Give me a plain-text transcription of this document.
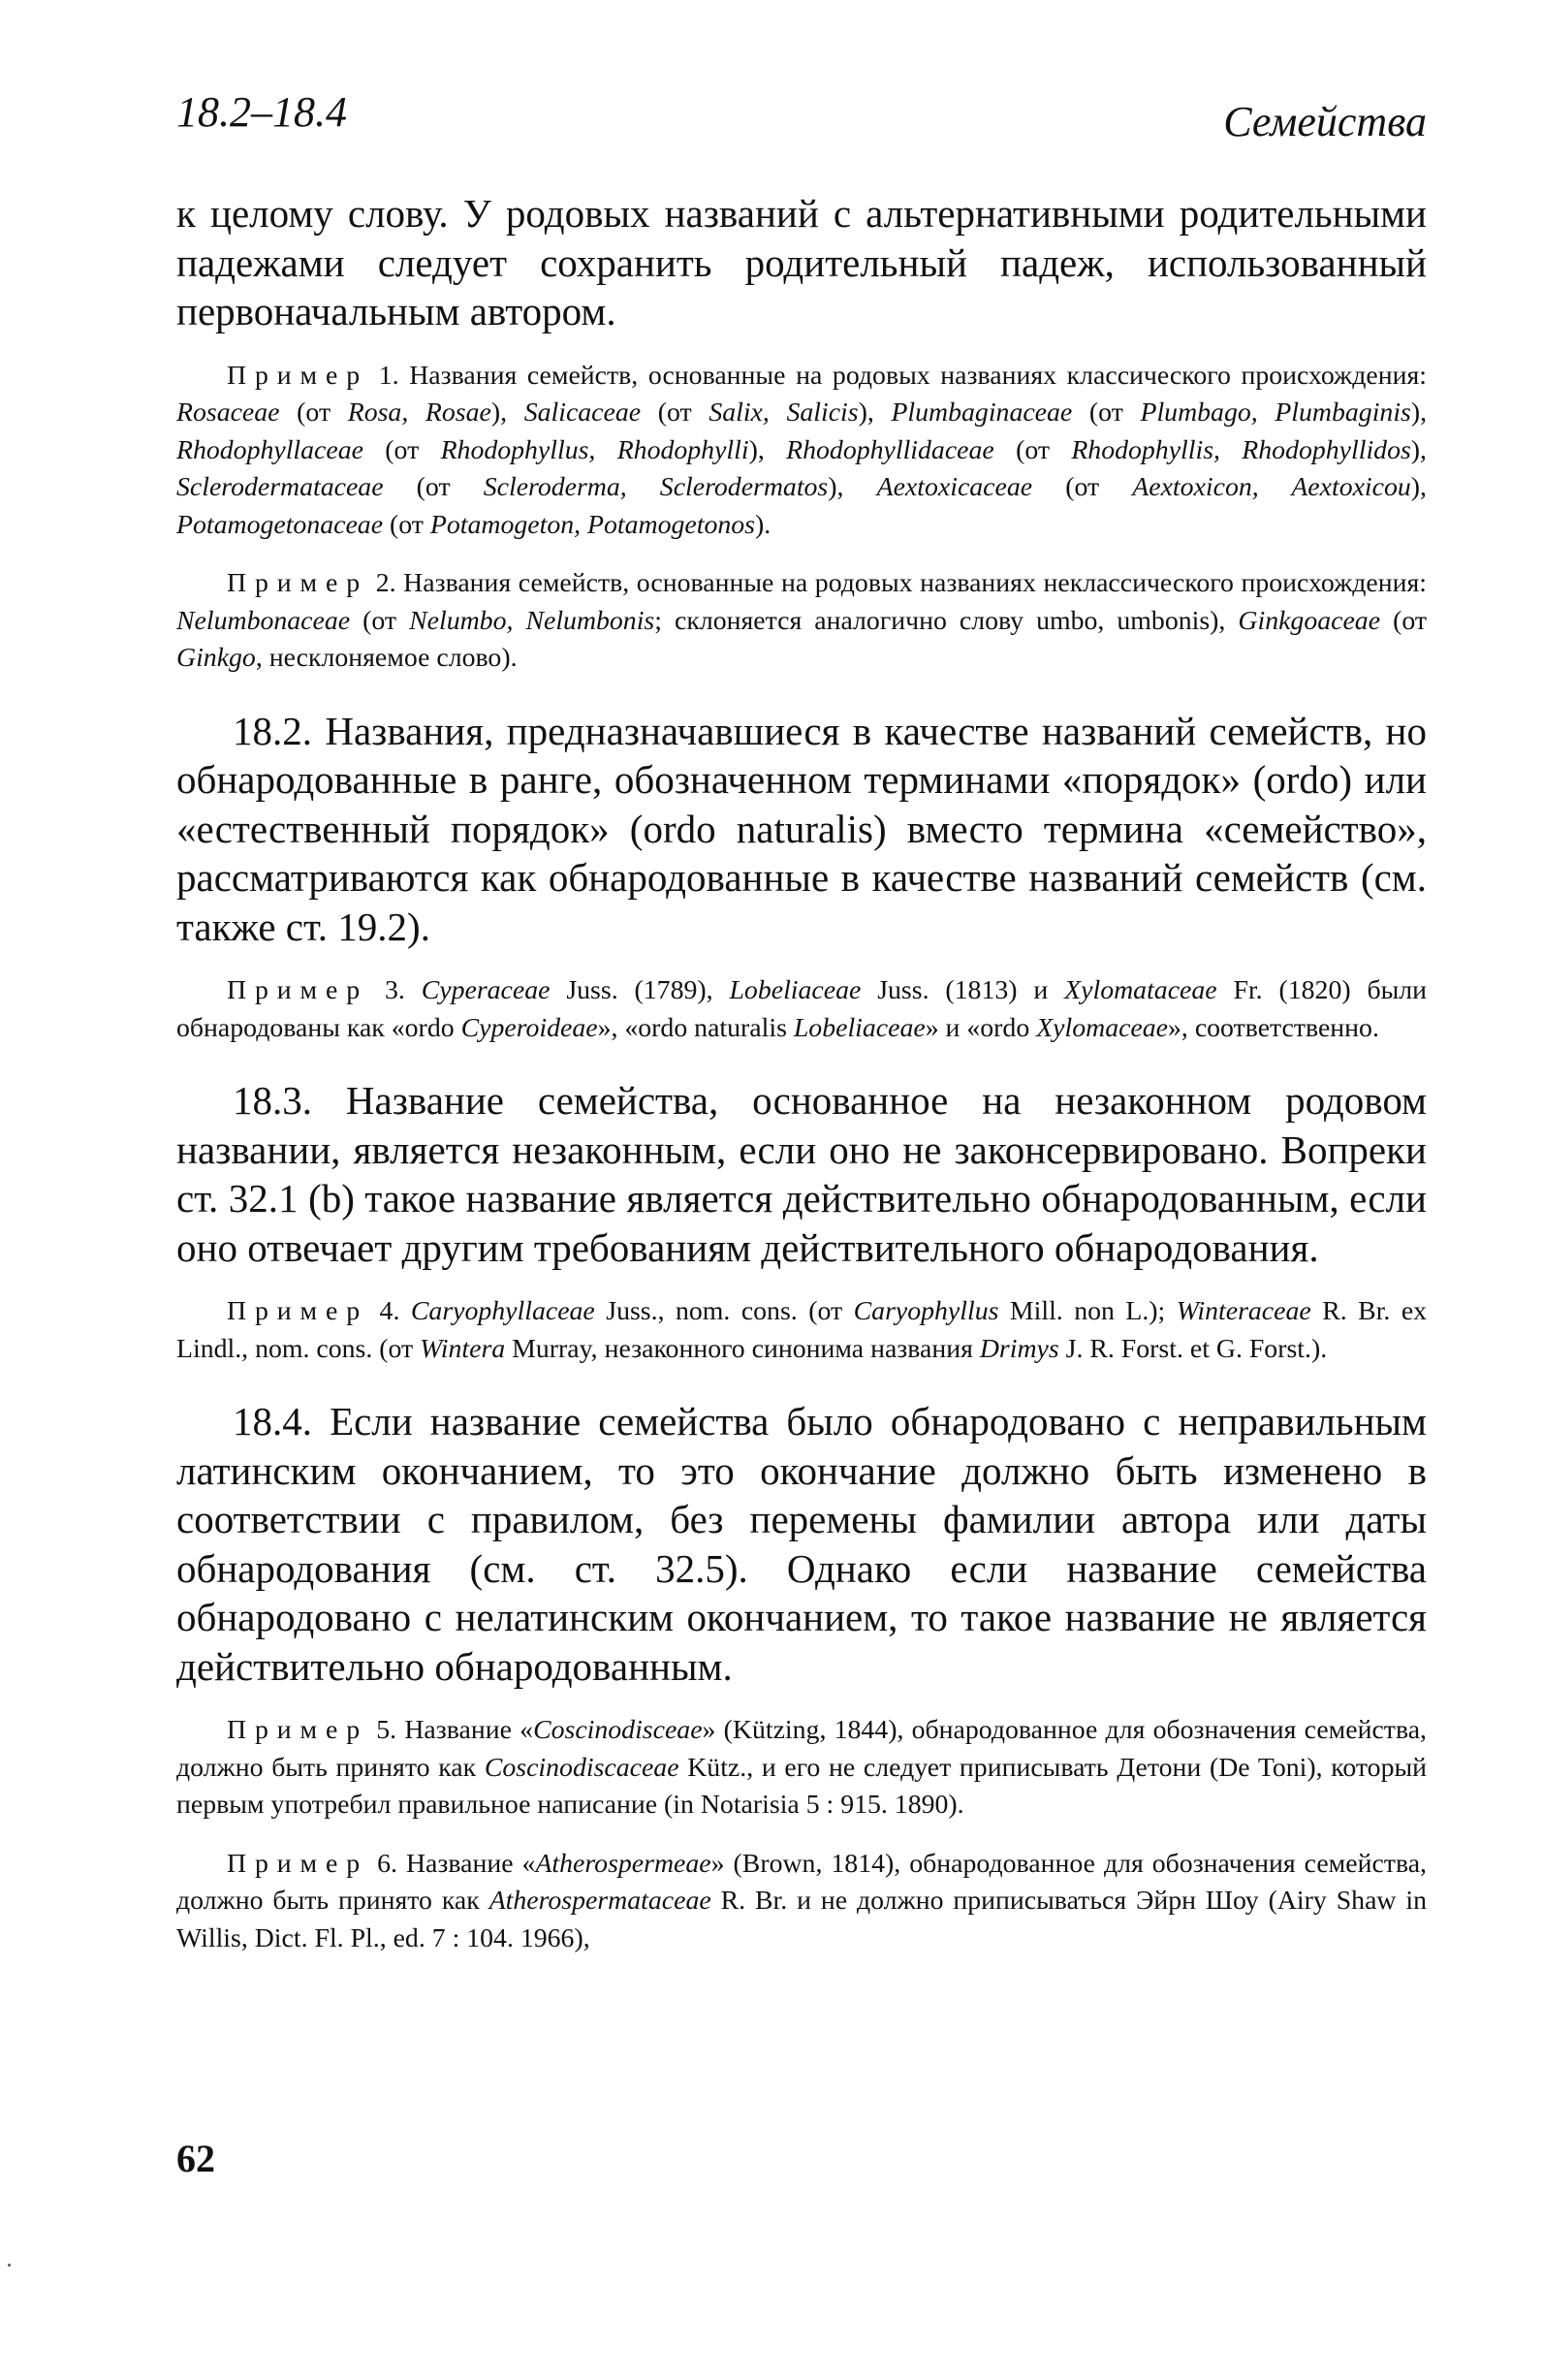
18.2–18.4	Семейства

к целому слову. У родовых названий с альтернативными родительными падежами следует сохранить родительный падеж, использованный первоначальным автором.

Пример 1. Названия семейств, основанные на родовых названиях классического происхождения: Rosaceae (от Rosa, Rosae), Salicaceae (от Salix, Salicis), Plumbaginaceae (от Plumbago, Plumbaginis), Rhodophyllaceae (от Rhodophyllus, Rhodophylli), Rhodophyllidaceae (от Rhodophyllis, Rhodophyllidos), Sclerodermataceae (от Scleroderma, Sclerodermatos), Aextoxicaceae (от Aextoxicon, Aextoxicou), Potamogetonaceae (от Potamogeton, Potamogetonos).

Пример 2. Названия семейств, основанные на родовых названиях неклассического происхождения: Nelumbonaceae (от Nelumbo, Nelumbonis; склоняется аналогично слову umbo, umbonis), Ginkgoaceae (от Ginkgo, несклоняемое слово).

18.2. Названия, предназначавшиеся в качестве названий семейств, но обнародованные в ранге, обозначенном терминами «порядок» (ordo) или «естественный порядок» (ordo naturalis) вместо термина «семейство», рассматриваются как обнародованные в качестве названий семейств (см. также ст. 19.2).

Пример 3. Cyperaceae Juss. (1789), Lobeliaceae Juss. (1813) и Xylomataceae Fr. (1820) были обнародованы как «ordo Cyperoideae», «ordo naturalis Lobeliaceae» и «ordo Xylomaceae», соответственно.

18.3. Название семейства, основанное на незаконном родовом названии, является незаконным, если оно не законсервировано. Вопреки ст. 32.1 (b) такое название является действительно обнародованным, если оно отвечает другим требованиям действительного обнародования.

Пример 4. Caryophyllaceae Juss., nom. cons. (от Caryophyllus Mill. non L.); Winteraceae R. Br. ex Lindl., nom. cons. (от Wintera Murray, незаконного синонима названия Drimys J. R. Forst. et G. Forst.).

18.4. Если название семейства было обнародовано с неправильным латинским окончанием, то это окончание должно быть изменено в соответствии с правилом, без перемены фамилии автора или даты обнародования (см. ст. 32.5). Однако если название семейства обнародовано с нелатинским окончанием, то такое название не является действительно обнародованным.

Пример 5. Название «Coscinodisceae» (Kützing, 1844), обнародованное для обозначения семейства, должно быть принято как Coscinodiscaceae Kütz., и его не следует приписывать Детони (De Toni), который первым употребил правильное написание (in Notarisia 5 : 915. 1890).

Пример 6. Название «Atherospermeae» (Brown, 1814), обнародованное для обозначения семейства, должно быть принято как Atherospermataceae R. Br. и не должно приписываться Эйрн Шоу (Airy Shaw in Willis, Dict. Fl. Pl., ed. 7 : 104. 1966),

62
